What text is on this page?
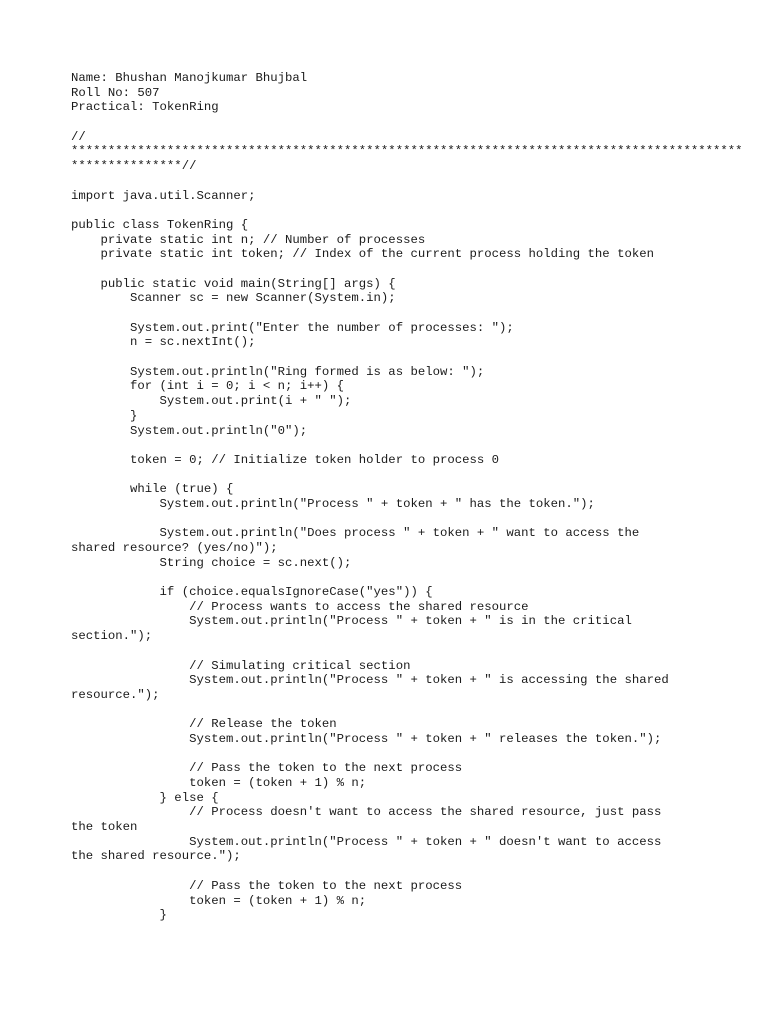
Name: Bhushan Manojkumar Bhujbal
Roll No: 507
Practical: TokenRing
//
*******************************************************************************************
***************//
import java.util.Scanner;
public class TokenRing {
private static int n; // Number of processes
private static int token; // Index of the current process holding the token
public static void main(String[] args) {
Scanner sc = new Scanner(System.in);
System.out.print("Enter the number of processes: ");
n = sc.nextInt();
System.out.println("Ring formed is as below: ");
for (int i = 0; i < n; i++) {
System.out.print(i + " ");
}
System.out.println("0");
token = 0; // Initialize token holder to process 0
while (true) {
System.out.println("Process " + token + " has the token.");
System.out.println("Does process " + token + " want to access the
shared resource? (yes/no)");
String choice = sc.next();
if (choice.equalsIgnoreCase("yes")) {
// Process wants to access the shared resource
System.out.println("Process " + token + " is in the critical
section.");
// Simulating critical section
System.out.println("Process " + token + " is accessing the shared
resource.");
// Release the token
System.out.println("Process " + token + " releases the token.");
// Pass the token to the next process
token = (token + 1) % n;
} else {
// Process doesn't want to access the shared resource, just pass
the token
System.out.println("Process " + token + " doesn't want to access
the shared resource.");
// Pass the token to the next process
token = (token + 1) % n;
}
